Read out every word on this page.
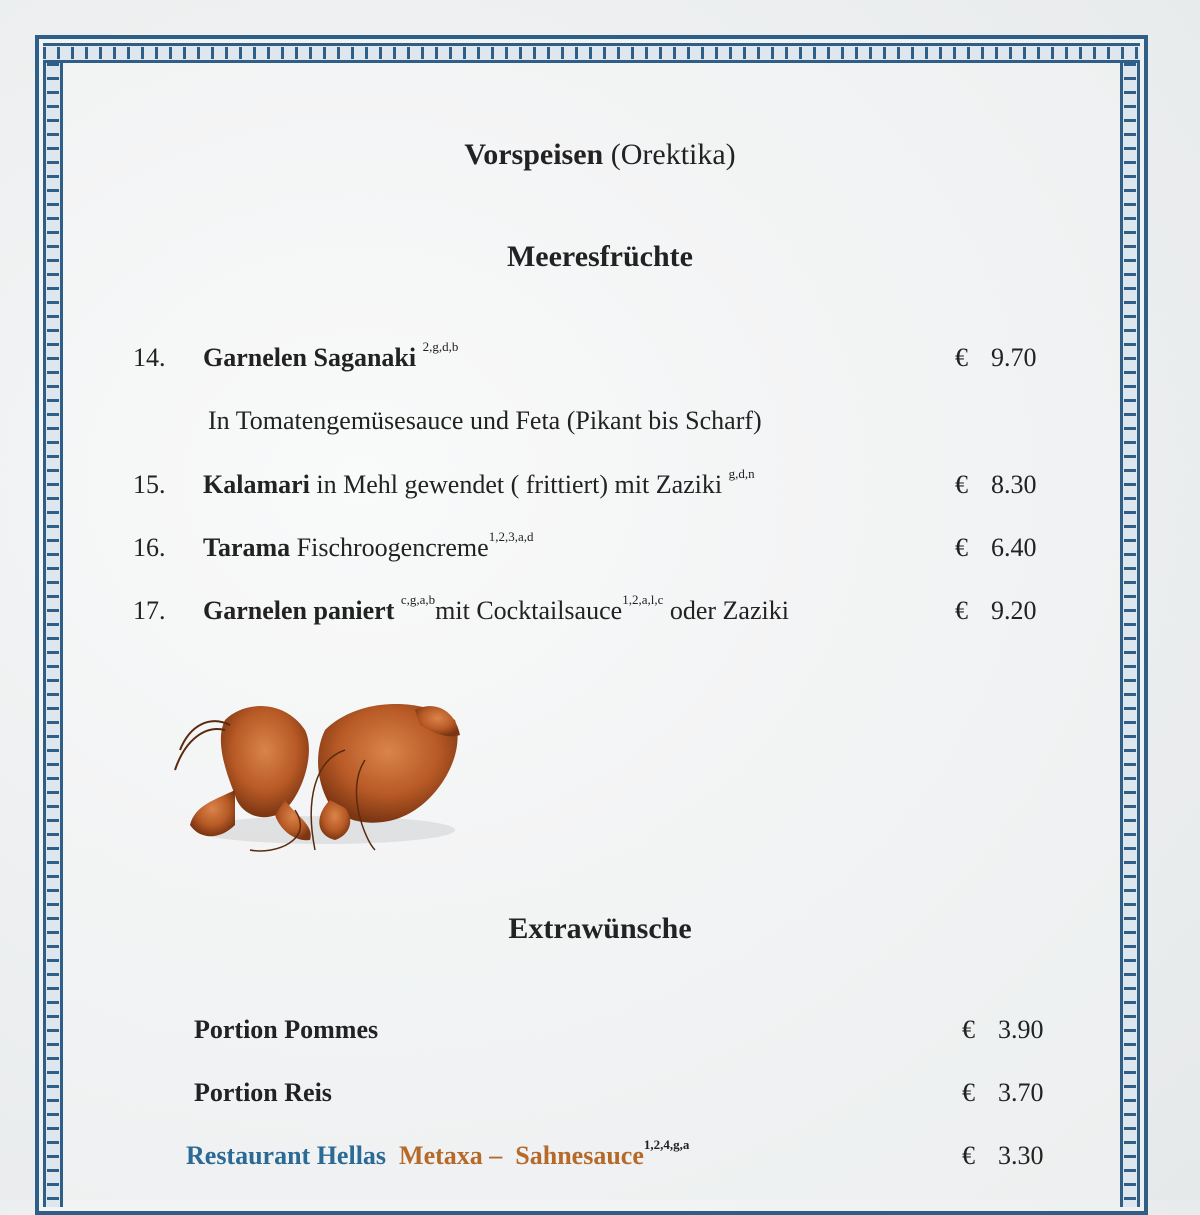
Vorspeisen (Orektika)
Meeresfrüchte
14. Garnelen Saganaki $^{2,g,d,b}$	€ 9.70
In Tomatengemüsesauce und Feta (Pikant bis Scharf)
15. Kalamari in Mehl gewendet ( frittiert) mit Zaziki $^{g,d,n}$	€ 8.30
16. Tarama Fischroogencreme$^{1,2,3,a,d}$	€ 6.40
17. Garnelen paniert $^{c,g,a,b}$mit Cocktailsauce$^{1,2,a,l,c}$ oder Zaziki	€ 9.20
Extrawünsche
Portion Pommes	€ 3.90
Portion Reis	€ 3.70
Restaurant Hellas Metaxa – Sahnesauce$^{1,2,4,g,a}$	€ 3.30
